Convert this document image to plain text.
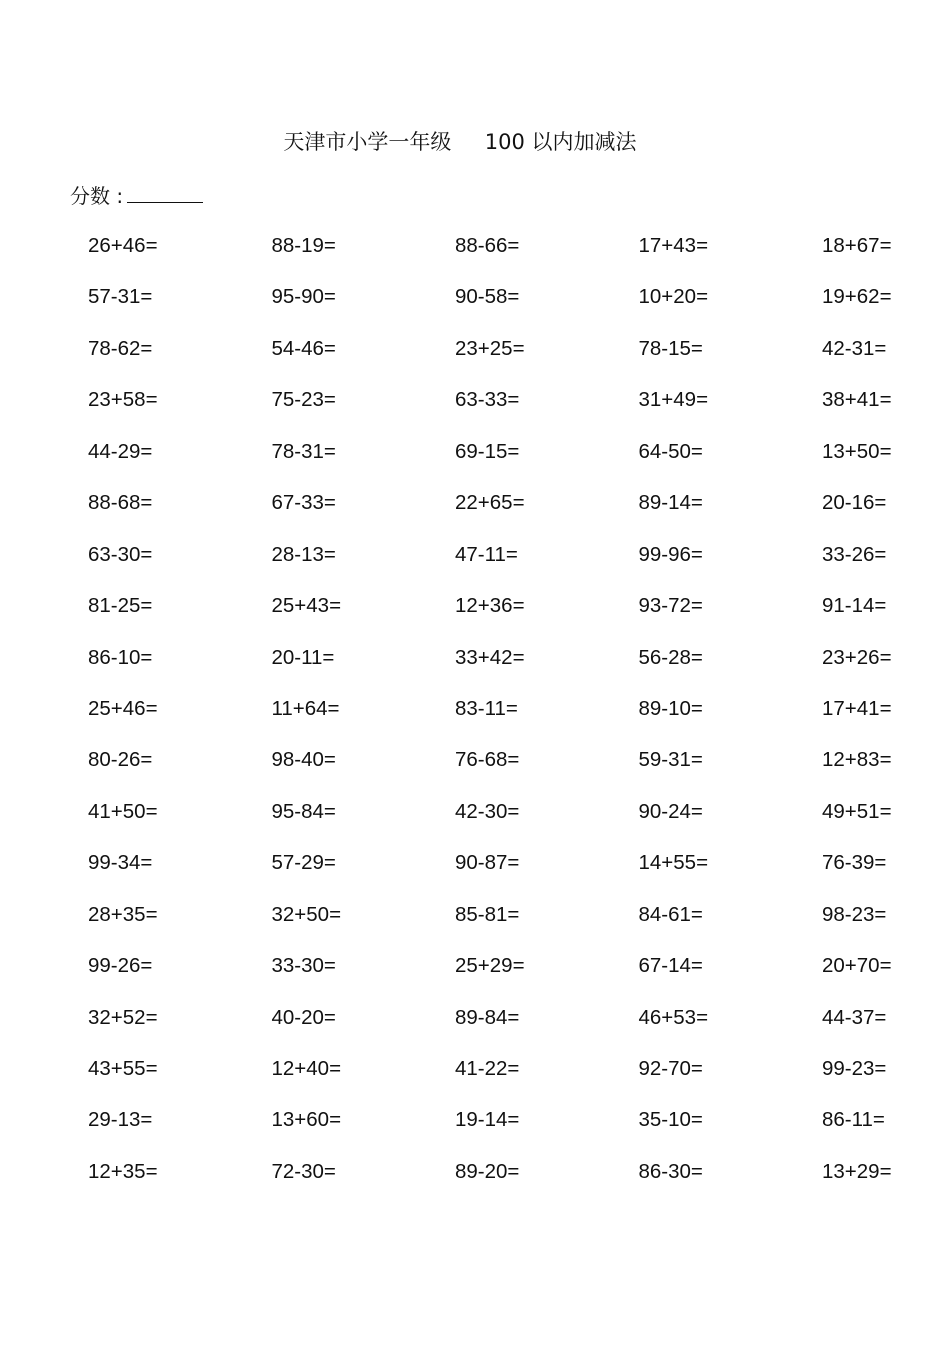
天津市小学一年级     100 以内加减法
分数 :
26+46=	88-19=	88-66=	17+43=	18+67=
57-31=	95-90=	90-58=	10+20=	19+62=
78-62=	54-46=	23+25=	78-15=	42-31=
23+58=	75-23=	63-33=	31+49=	38+41=
44-29=	78-31=	69-15=	64-50=	13+50=
88-68=	67-33=	22+65=	89-14=	20-16=
63-30=	28-13=	47-11=	99-96=	33-26=
81-25=	25+43=	12+36=	93-72=	91-14=
86-10=	20-11=	33+42=	56-28=	23+26=
25+46=	11+64=	83-11=	89-10=	17+41=
80-26=	98-40=	76-68=	59-31=	12+83=
41+50=	95-84=	42-30=	90-24=	49+51=
99-34=	57-29=	90-87=	14+55=	76-39=
28+35=	32+50=	85-81=	84-61=	98-23=
99-26=	33-30=	25+29=	67-14=	20+70=
32+52=	40-20=	89-84=	46+53=	44-37=
43+55=	12+40=	41-22=	92-70=	99-23=
29-13=	13+60=	19-14=	35-10=	86-11=
12+35=	72-30=	89-20=	86-30=	13+29=
